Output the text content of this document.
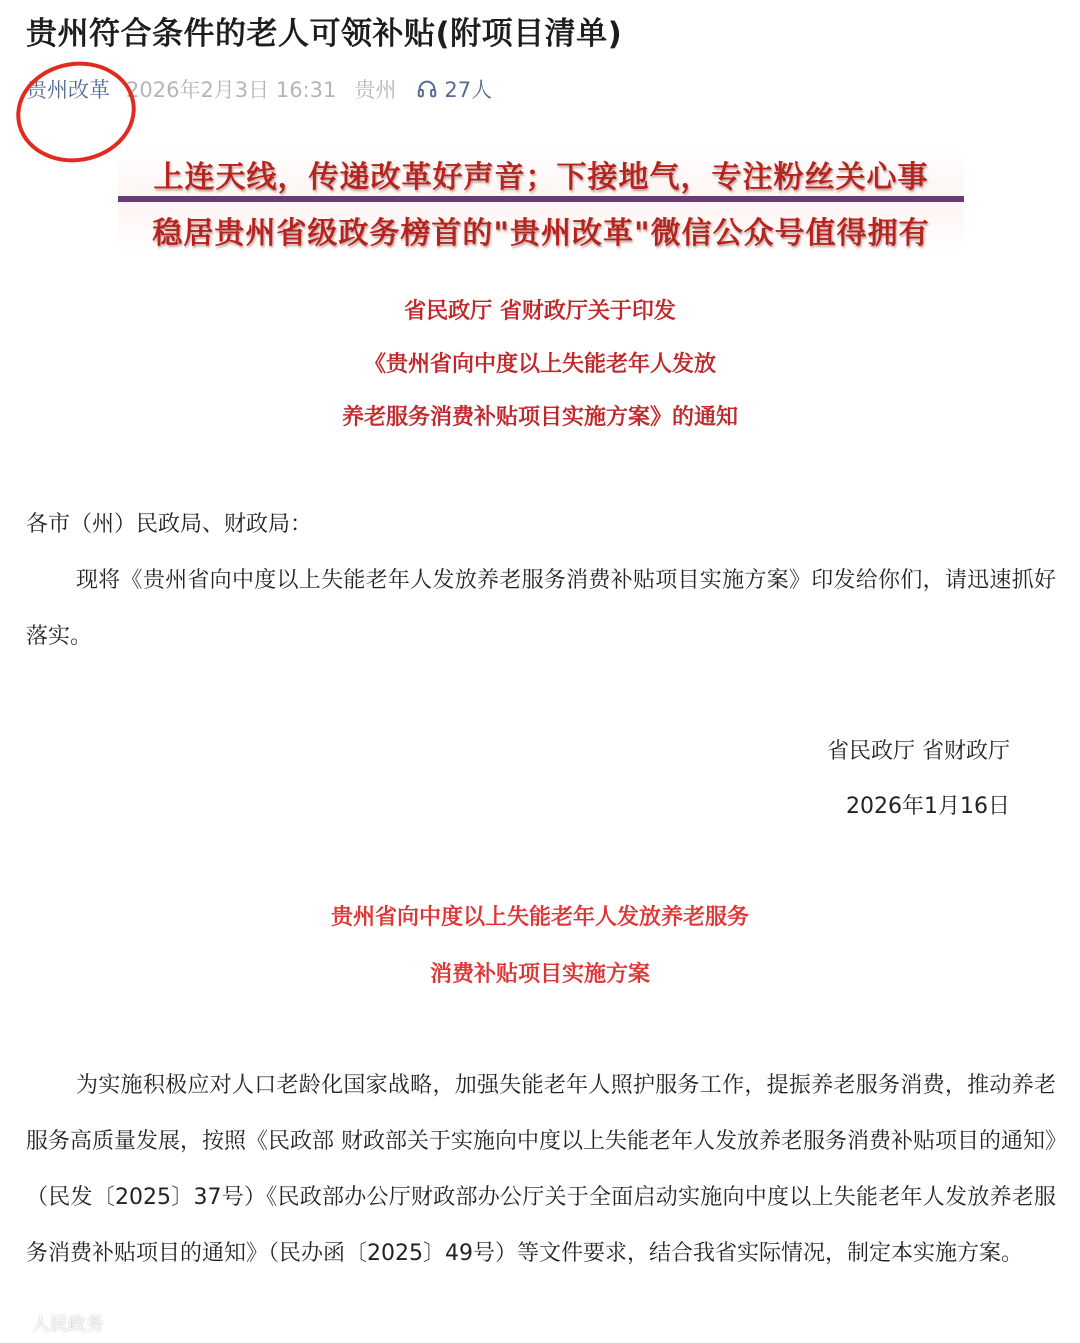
贵州符合条件的老人可领补贴(附项目清单)
贵州改革 2026年2月3日 16:31 贵州 27人
上连天线，传递改革好声音；下接地气，专注粉丝关心事
稳居贵州省级政务榜首的"贵州改革"微信公众号值得拥有
省民政厅 省财政厅关于印发
《贵州省向中度以上失能老年人发放
养老服务消费补贴项目实施方案》的通知
各市（州）民政局、财政局：
现将《贵州省向中度以上失能老年人发放养老服务消费补贴项目实施方案》印发给你们，请迅速抓好落实。
省民政厅 省财政厅
2026年1月16日
贵州省向中度以上失能老年人发放养老服务
消费补贴项目实施方案
为实施积极应对人口老龄化国家战略，加强失能老年人照护服务工作，提振养老服务消费，推动养老服务高质量发展，按照《民政部 财政部关于实施向中度以上失能老年人发放养老服务消费补贴项目的通知》（民发〔2025〕37号）《民政部办公厅财政部办公厅关于全面启动实施向中度以上失能老年人发放养老服务消费补贴项目的通知》（民办函〔2025〕49号）等文件要求，结合我省实际情况，制定本实施方案。
人民政务
